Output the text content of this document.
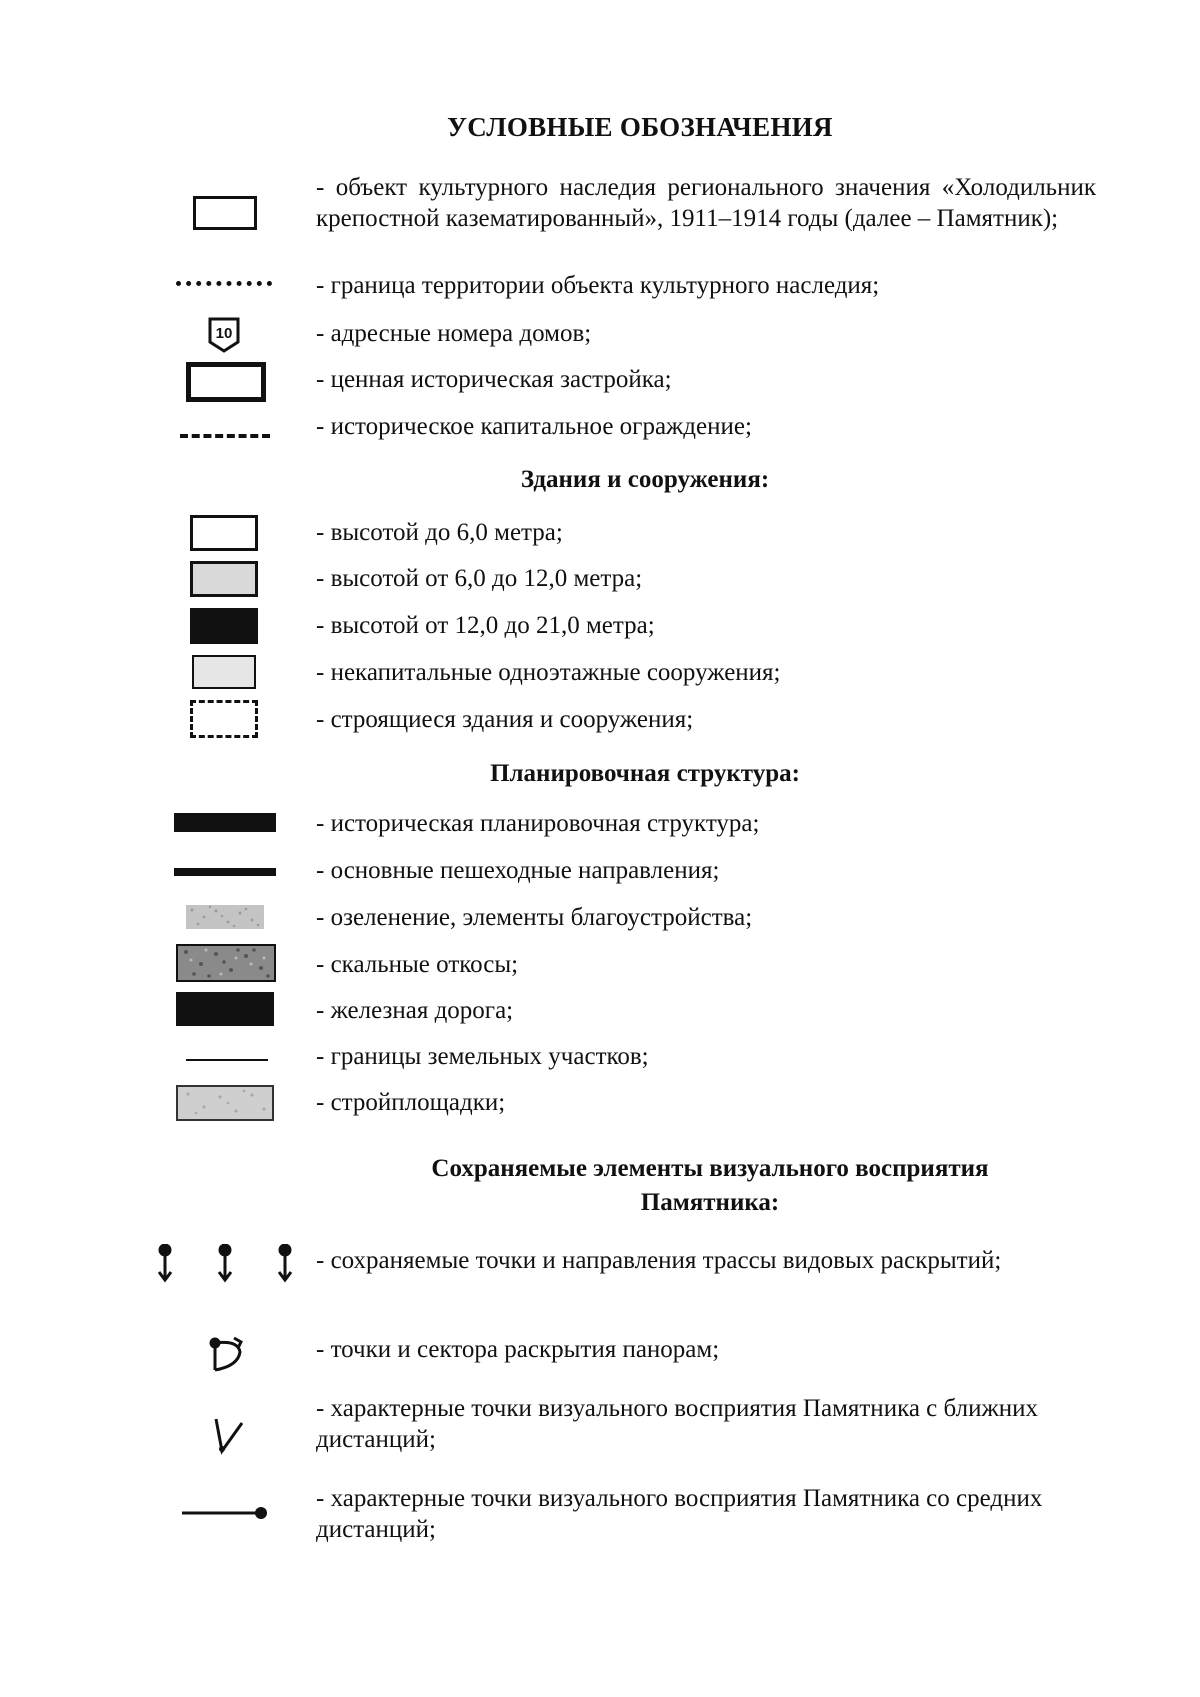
УСЛОВНЫЕ ОБОЗНАЧЕНИЯ
- объект культурного наследия регионального значения «Холодильник крепостной казематированный», 1911–1914 годы (далее – Памятник);
- граница территории объекта культурного наследия;
10	- адресные номера домов;
- ценная историческая застройка;
- историческое капитальное ограждение;
Здания и сооружения:
- высотой до 6,0 метра;
- высотой от 6,0 до 12,0 метра;
- высотой от 12,0 до 21,0 метра;
- некапитальные одноэтажные сооружения;
- строящиеся здания и сооружения;
Планировочная структура:
- историческая планировочная структура;
- основные пешеходные направления;
- озеленение, элементы благоустройства;
- скальные откосы;
- железная дорога;
- границы земельных участков;
- стройплощадки;
Сохраняемые элементы визуального восприятия
Памятника:
- сохраняемые точки и направления трассы видовых раскрытий;
- точки и сектора раскрытия панорам;
- характерные точки визуального восприятия Памятника с ближних дистанций;
- характерные точки визуального восприятия Памятника со средних дистанций;
